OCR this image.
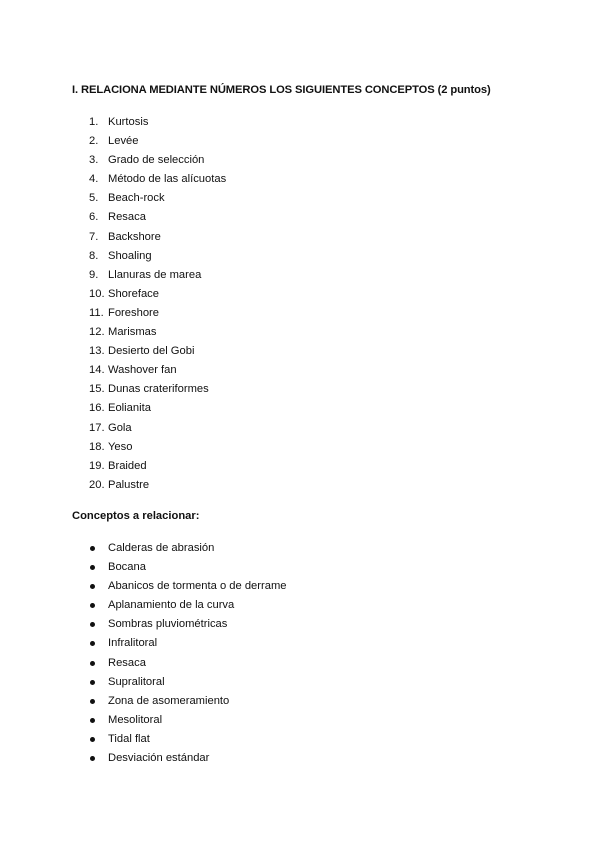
I. RELACIONA MEDIANTE NÚMEROS LOS SIGUIENTES CONCEPTOS (2 puntos)
1. Kurtosis
2. Levée
3. Grado de selección
4. Método de las alícuotas
5. Beach-rock
6. Resaca
7. Backshore
8. Shoaling
9. Llanuras de marea
10. Shoreface
11. Foreshore
12. Marismas
13. Desierto del Gobi
14. Washover fan
15. Dunas crateriformes
16. Eolianita
17. Gola
18. Yeso
19. Braided
20. Palustre
Conceptos a relacionar:
Calderas de abrasión
Bocana
Abanicos de tormenta o de derrame
Aplanamiento de la curva
Sombras pluviométricas
Infralitoral
Resaca
Supralitoral
Zona de asomeramiento
Mesolitoral
Tidal flat
Desviación estándar
